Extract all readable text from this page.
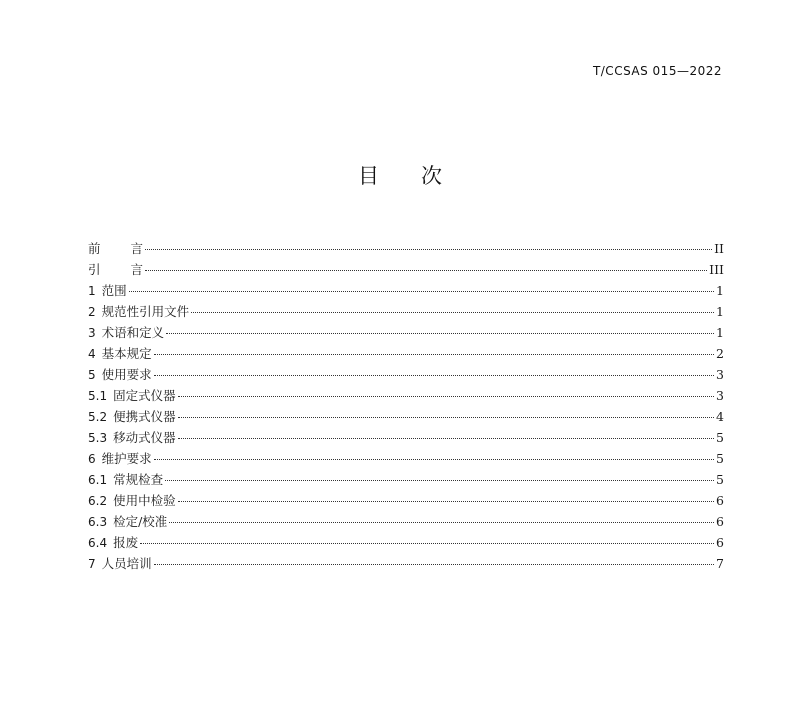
T/CCSAS 015—2022
目 次
前 言	II
引 言	III
1 范围	1
2 规范性引用文件	1
3 术语和定义	1
4 基本规定	2
5 使用要求	3
5.1 固定式仪器	3
5.2 便携式仪器	4
5.3 移动式仪器	5
6 维护要求	5
6.1 常规检查	5
6.2 使用中检验	6
6.3 检定/校准	6
6.4 报废	6
7 人员培训	7
